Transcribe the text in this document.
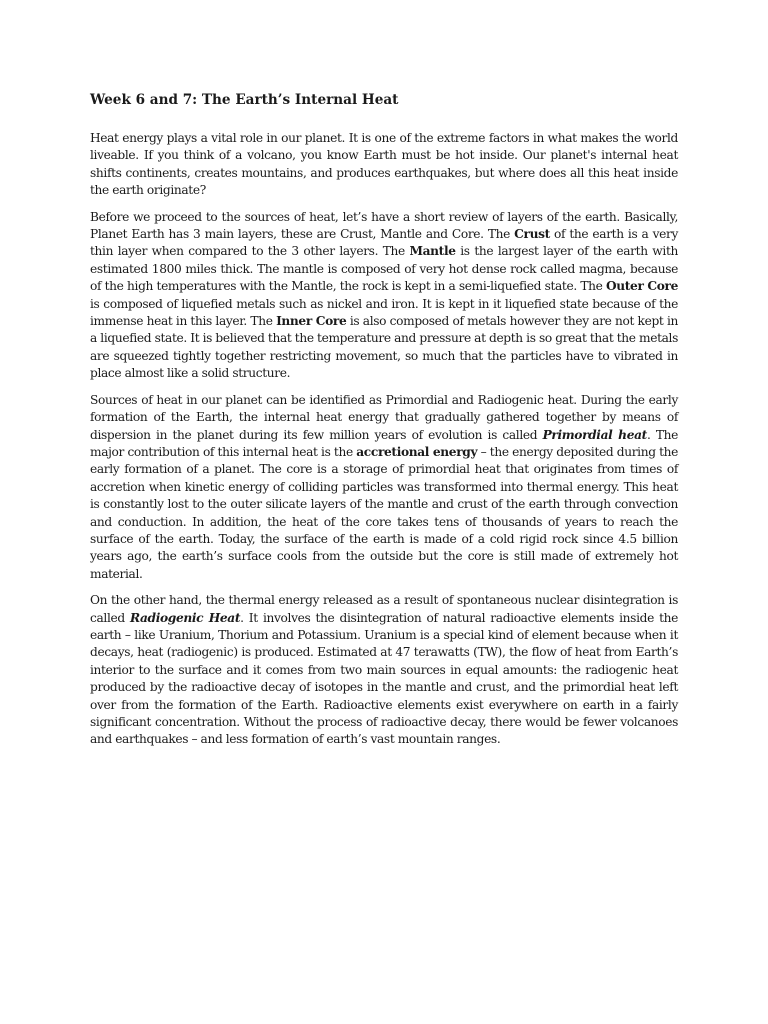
Week 6 and 7: The Earth’s Internal Heat

Heat energy plays a vital role in our planet. It is one of the extreme factors in what makes the world liveable. If you think of a volcano, you know Earth must be hot inside. Our planet's internal heat shifts continents, creates mountains, and produces earthquakes, but where does all this heat inside the earth originate?

Before we proceed to the sources of heat, let’s have a short review of layers of the earth. Basically, Planet Earth has 3 main layers, these are Crust, Mantle and Core. The Crust of the earth is a very thin layer when compared to the 3 other layers. The Mantle is the largest layer of the earth with estimated 1800 miles thick. The mantle is composed of very hot dense rock called magma, because of the high temperatures with the Mantle, the rock is kept in a semi-liquefied state. The Outer Core is composed of liquefied metals such as nickel and iron. It is kept in it liquefied state because of the immense heat in this layer. The Inner Core is also composed of metals however they are not kept in a liquefied state. It is believed that the temperature and pressure at depth is so great that the metals are squeezed tightly together restricting movement, so much that the particles have to vibrated in place almost like a solid structure.

Sources of heat in our planet can be identified as Primordial and Radiogenic heat. During the early formation of the Earth, the internal heat energy that gradually gathered together by means of dispersion in the planet during its few million years of evolution is called Primordial heat. The major contribution of this internal heat is the accretional energy – the energy deposited during the early formation of a planet. The core is a storage of primordial heat that originates from times of accretion when kinetic energy of colliding particles was transformed into thermal energy. This heat is constantly lost to the outer silicate layers of the mantle and crust of the earth through convection and conduction. In addition, the heat of the core takes tens of thousands of years to reach the surface of the earth. Today, the surface of the earth is made of a cold rigid rock since 4.5 billion years ago, the earth’s surface cools from the outside but the core is still made of extremely hot material.

On the other hand, the thermal energy released as a result of spontaneous nuclear disintegration is called Radiogenic Heat. It involves the disintegration of natural radioactive elements inside the earth – like Uranium, Thorium and Potassium. Uranium is a special kind of element because when it decays, heat (radiogenic) is produced. Estimated at 47 terawatts (TW), the flow of heat from Earth’s interior to the surface and it comes from two main sources in equal amounts: the radiogenic heat produced by the radioactive decay of isotopes in the mantle and crust, and the primordial heat left over from the formation of the Earth. Radioactive elements exist everywhere on earth in a fairly significant concentration. Without the process of radioactive decay, there would be fewer volcanoes and earthquakes – and less formation of earth’s vast mountain ranges.
